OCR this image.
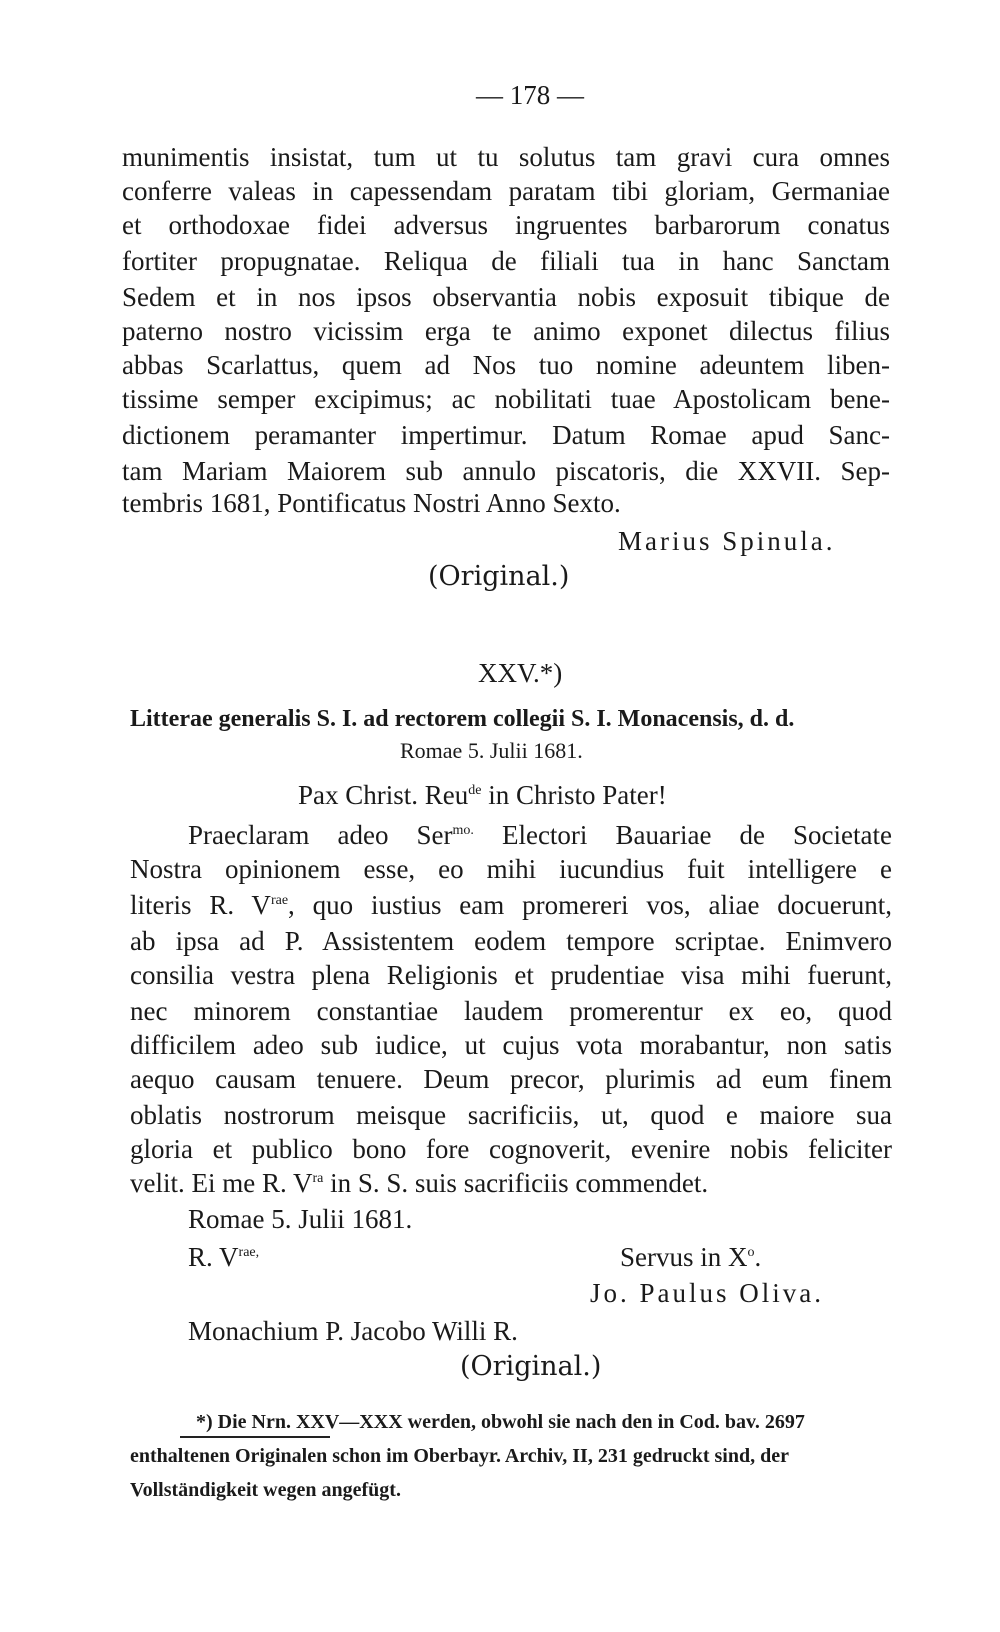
— 178 —
munimentis insistat, tum ut tu solutus tam gravi cura omnes
conferre valeas in capessendam paratam tibi gloriam, Germaniae
et orthodoxae fidei adversus ingruentes barbarorum conatus
fortiter propugnatae. Reliqua de filiali tua in hanc Sanctam
Sedem et in nos ipsos observantia nobis exposuit tibique de
paterno nostro vicissim erga te animo exponet dilectus filius
abbas Scarlattus, quem ad Nos tuo nomine adeuntem liben-
tissime semper excipimus; ac nobilitati tuae Apostolicam bene-
dictionem peramanter impertimur. Datum Romae apud Sanc-
tam Mariam Maiorem sub annulo piscatoris, die XXVII. Sep-
tembris 1681, Pontificatus Nostri Anno Sexto.
Marius Spinula.
(Original.)
XXV.*)
Litterae generalis S. I. ad rectorem collegii S. I. Monacensis, d. d.
Romae 5. Julii 1681.
Pax Christ. Reu$^{de}$ in Christo Pater!
Praeclaram adeo Ser$^{mo.}$ Electori Bauariae de Societate
Nostra opinionem esse, eo mihi iucundius fuit intelligere e
literis R. $V^{rae}$, quo iustius eam promereri vos, aliae docuerunt,
ab ipsa ad P. Assistentem eodem tempore scriptae. Enimvero
consilia vestra plena Religionis et prudentiae visa mihi fuerunt,
nec minorem constantiae laudem promerentur ex eo, quod
difficilem adeo sub iudice, ut cujus vota morabantur, non satis
aequo causam tenuere. Deum precor, plurimis ad eum finem
oblatis nostrorum meisque sacrificiis, ut, quod e maiore sua
gloria et publico bono fore cognoverit, evenire nobis feliciter
velit. Ei me R. $V^{ra}$ in S. S. suis sacrificiis commendet.
Romae 5. Julii 1681.
R. $V^{rae,}$	Servus in $X^o$.
Jo. Paulus Oliva.
Monachium P. Jacobo Willi R.
(Original.)
*) Die Nrn. XXV—XXX werden, obwohl sie nach den in Cod. bav. 2697
enthaltenen Originalen schon im Oberbayr. Archiv, II, 231 gedruckt sind, der
Vollständigkeit wegen angefügt.
